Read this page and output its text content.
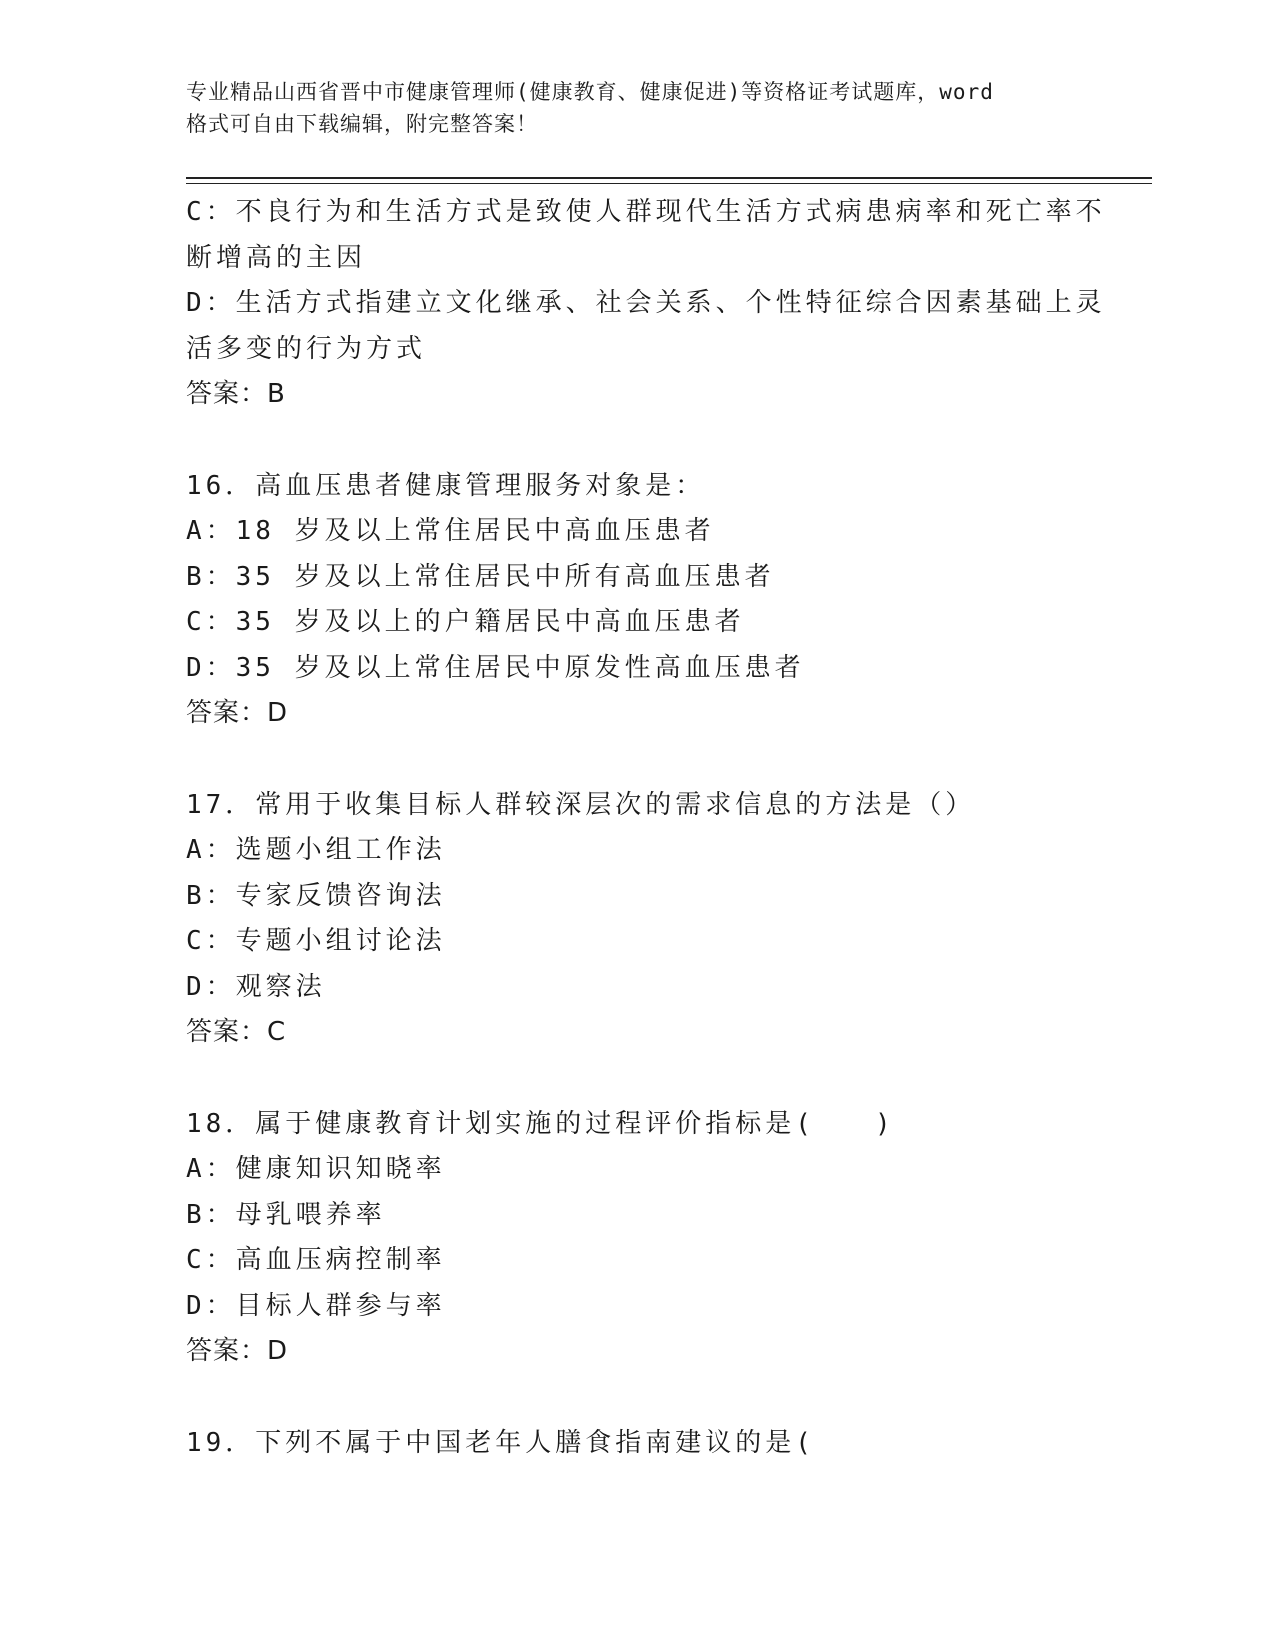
专业精品山西省晋中市健康管理师(健康教育、健康促进)等资格证考试题库，word
格式可自由下载编辑，附完整答案！
C：不良行为和生活方式是致使人群现代生活方式病患病率和死亡率不
断增高的主因
D：生活方式指建立文化继承、社会关系、个性特征综合因素基础上灵
活多变的行为方式
答案：B
16．高血压患者健康管理服务对象是：
A：18 岁及以上常住居民中高血压患者
B：35 岁及以上常住居民中所有高血压患者
C：35 岁及以上的户籍居民中高血压患者
D：35 岁及以上常住居民中原发性高血压患者
答案：D
17．常用于收集目标人群较深层次的需求信息的方法是（）
A：选题小组工作法
B：专家反馈咨询法
C：专题小组讨论法
D：观察法
答案：C
18．属于健康教育计划实施的过程评价指标是(　　)
A：健康知识知晓率
B：母乳喂养率
C：高血压病控制率
D：目标人群参与率
答案：D
19．下列不属于中国老年人膳食指南建议的是(
